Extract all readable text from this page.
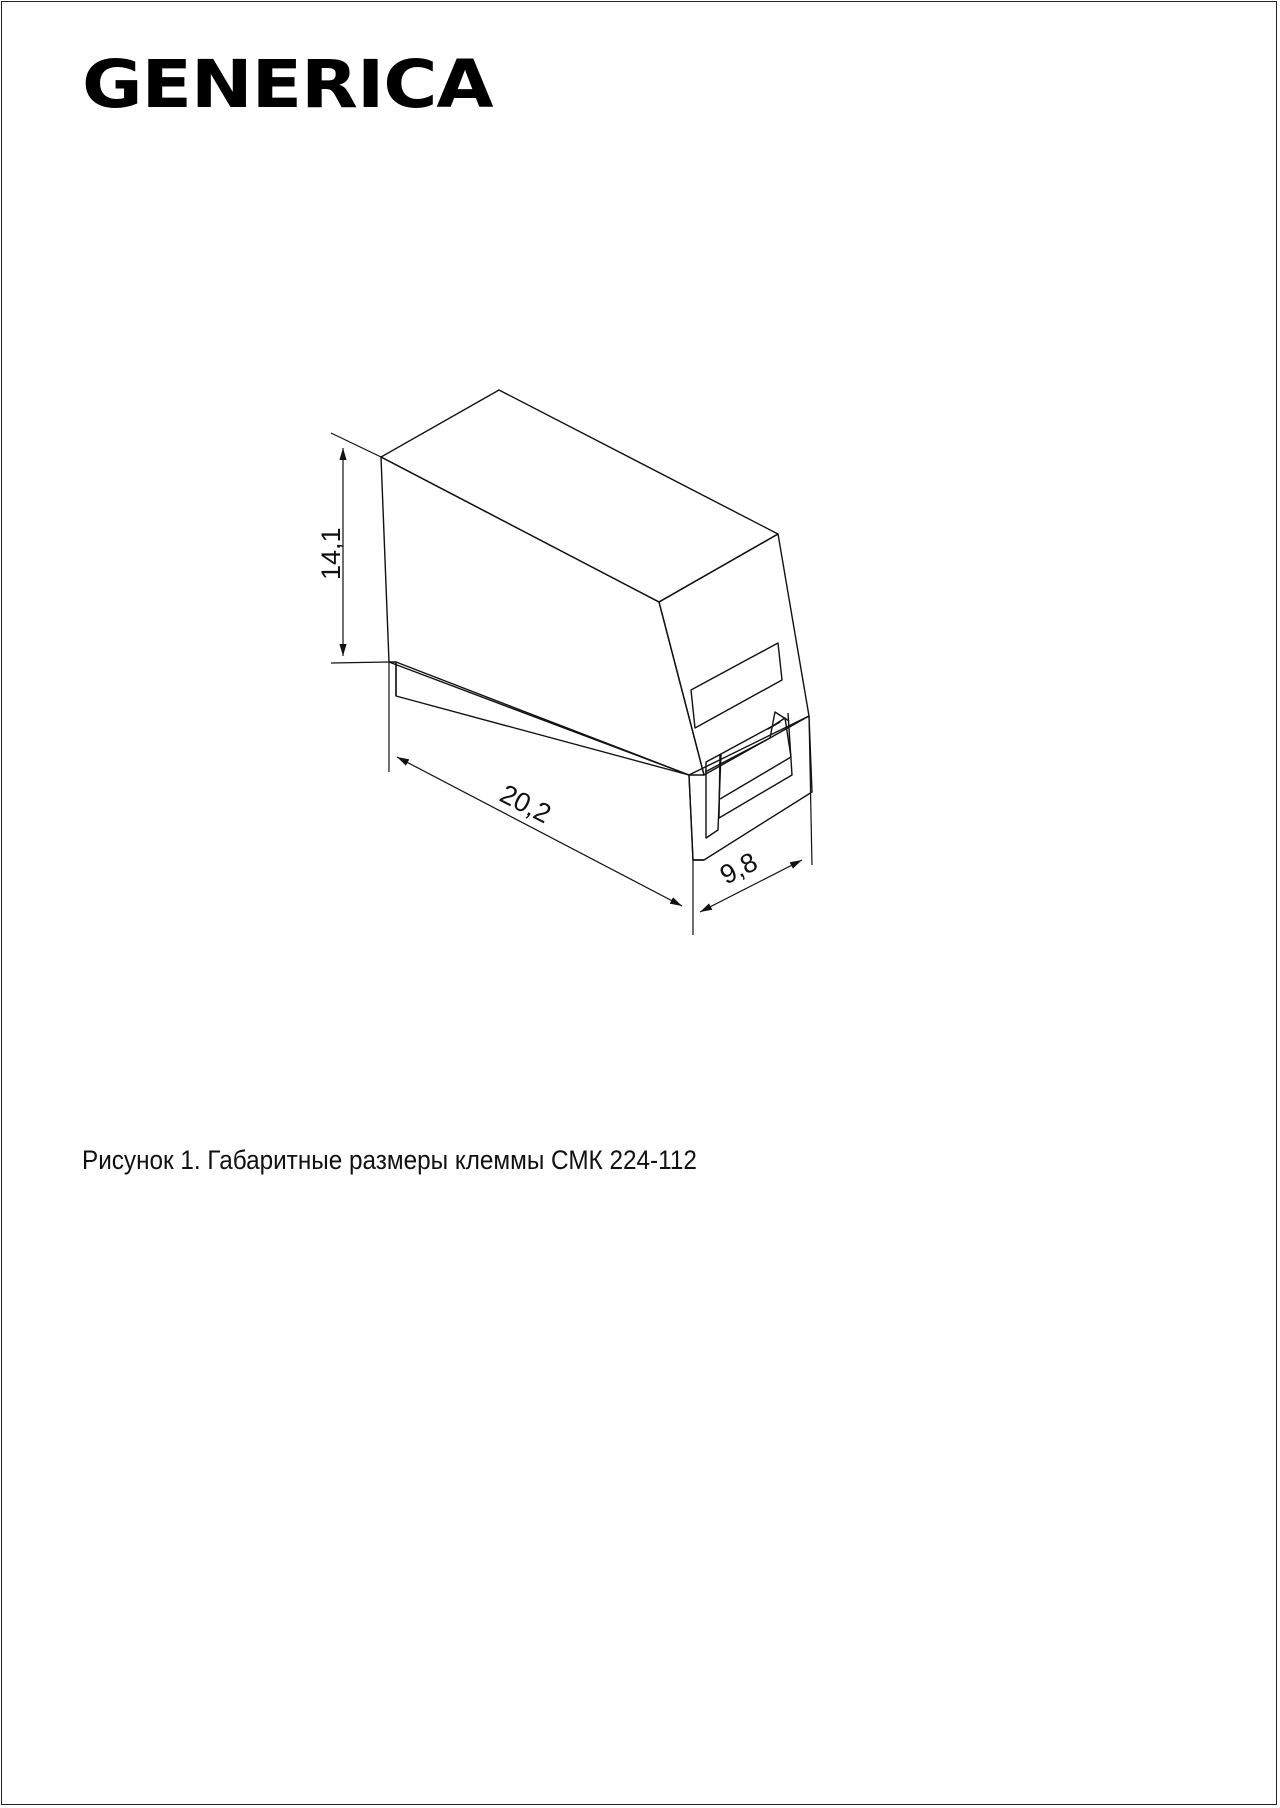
GENERICA
14,1
20,2
9,8
Рисунок 1. Габаритные размеры клеммы СМК 224-112
